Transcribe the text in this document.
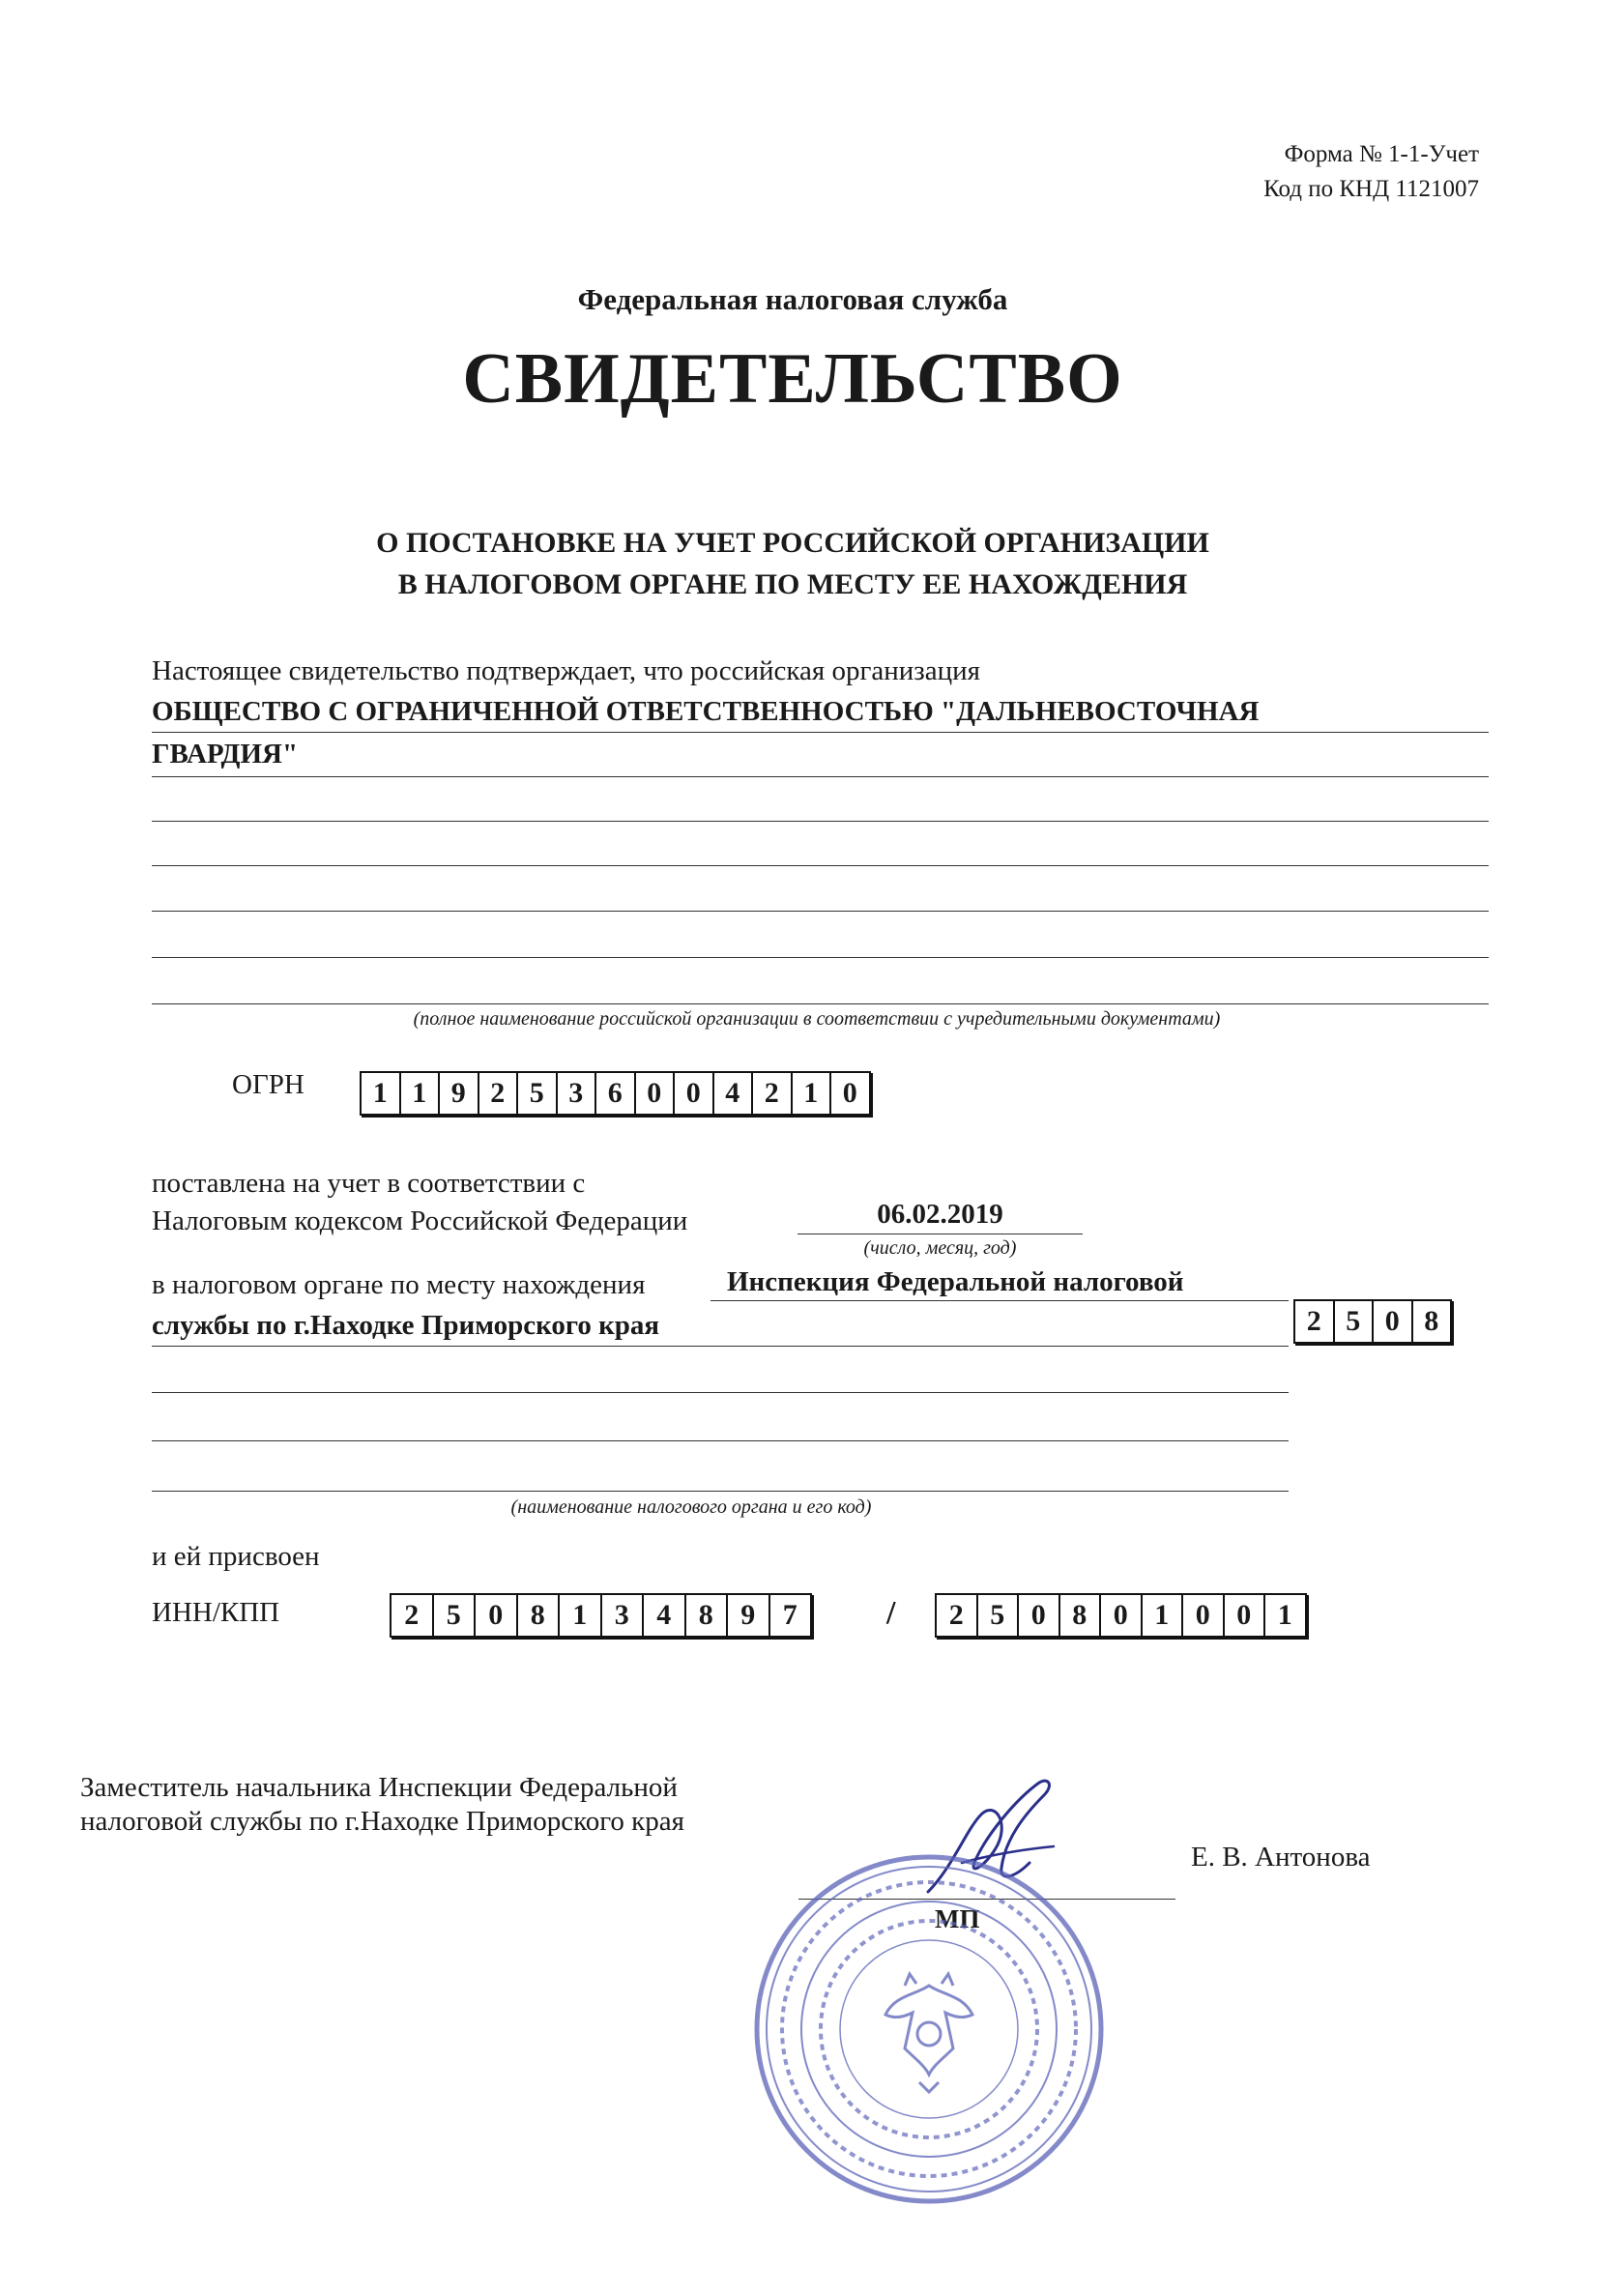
Форма № 1-1-Учет
Код по КНД 1121007
Федеральная налоговая служба
СВИДЕТЕЛЬСТВО
О ПОСТАНОВКЕ НА УЧЕТ РОССИЙСКОЙ ОРГАНИЗАЦИИ
В НАЛОГОВОМ ОРГАНЕ ПО МЕСТУ ЕЕ НАХОЖДЕНИЯ
Настоящее свидетельство подтверждает, что российская организация
ОБЩЕСТВО С ОГРАНИЧЕННОЙ ОТВЕТСТВЕННОСТЬЮ "ДАЛЬНЕВОСТОЧНАЯ
ГВАРДИЯ"
(полное наименование российской организации в соответствии с учредительными документами)
ОГРН	1 1 9 2 5 3 6 0 0 4 2 1 0
поставлена на учет в соответствии с
Налоговым кодексом Российской Федерации	06.02.2019
(число, месяц, год)
в налоговом органе по месту нахождения	Инспекция Федеральной налоговой
службы по г.Находке Приморского края	2 5 0 8
(наименование налогового органа и его код)
и ей присвоен
ИНН/КПП	2 5 0 8 1 3 4 8 9 7	/	2 5 0 8 0 1 0 0 1
Заместитель начальника Инспекции Федеральной
налоговой службы по г.Находке Приморского края
Е. В. Антонова
МП
